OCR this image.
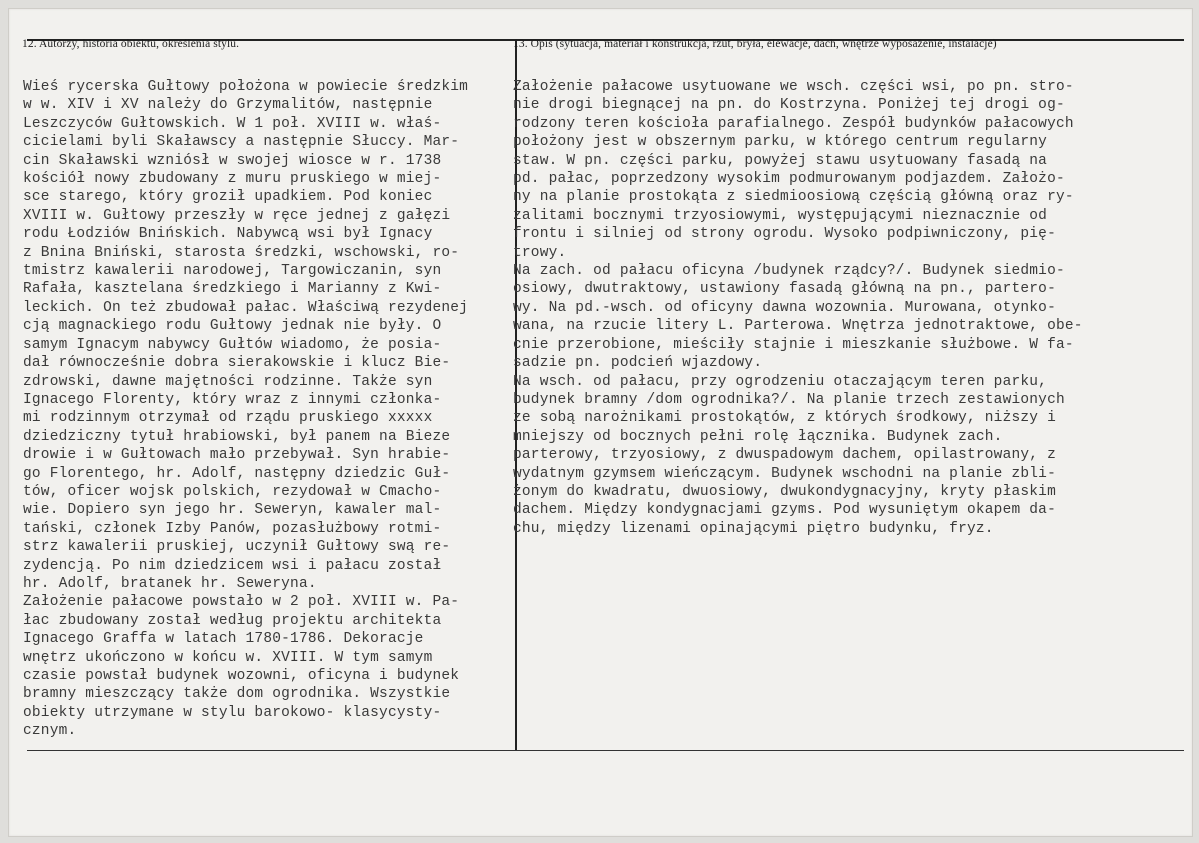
12. Autorzy, historia obiektu, określenia stylu.	13. Opis (sytuacja, materiał i konstrukcja, rzut, bryła, elewacje, dach, wnętrze wyposażenie, instalacje)
Wieś rycerska Gułtowy położona w powiecie średzkim
w w. XIV i XV należy do Grzymalitów, następnie
Leszczyców Gułtowskich. W 1 poł. XVIII w. właś-
cicielami byli Skaławscy a następnie Słuccy. Mar-
cin Skaławski wzniósł w swojej wiosce w r. 1738
kościół nowy zbudowany z muru pruskiego w miej-
sce starego, który groził upadkiem. Pod koniec
XVIII w. Gułtowy przeszły w ręce jednej z gałęzi
rodu Łodziów Bnińskich. Nabywcą wsi był Ignacy
z Bnina Bniński, starosta średzki, wschowski, ro-
tmistrz kawalerii narodowej, Targowiczanin, syn
Rafała, kasztelana średzkiego i Marianny z Kwi-
leckich. On też zbudował pałac. Właściwą rezydenej
cją magnackiego rodu Gułtowy jednak nie były. O
samym Ignacym nabywcy Gułtów wiadomo, że posia-
dał równocześnie dobra sierakowskie i klucz Bie-
zdrowski, dawne majętności rodzinne. Także syn
Ignacego Florenty, który wraz z innymi członka-
mi rodzinnym otrzymał od rządu pruskiego xxxxx
dziedziczny tytuł hrabiowski, był panem na Bieze
drowie i w Gułtowach mało przebywał. Syn hrabie-
go Florentego, hr. Adolf, następny dziedzic Guł-
tów, oficer wojsk polskich, rezydował w Cmacho-
wie. Dopiero syn jego hr. Seweryn, kawaler mal-
tański, członek Izby Panów, pozasłużbowy rotmi-
strz kawalerii pruskiej, uczynił Gułtowy swą re-
zydencją. Po nim dziedzicem wsi i pałacu został
hr. Adolf, bratanek hr. Seweryna.
Założenie pałacowe powstało w 2 poł. XVIII w. Pa-
łac zbudowany został według projektu architekta
Ignacego Graffa w latach 1780-1786. Dekoracje
wnętrz ukończono w końcu w. XVIII. W tym samym
czasie powstał budynek wozowni, oficyna i budynek
bramny mieszczący także dom ogrodnika. Wszystkie
obiekty utrzymane w stylu barokowo- klasycysty-
cznym.
Założenie pałacowe usytuowane we wsch. części wsi, po pn. stro-
nie drogi biegnącej na pn. do Kostrzyna. Poniżej tej drogi og-
rodzony teren kościoła parafialnego. Zespół budynków pałacowych
położony jest w obszernym parku, w którego centrum regularny
staw. W pn. części parku, powyżej stawu usytuowany fasadą na
pd. pałac, poprzedzony wysokim podmurowanym podjazdem. Założo-
ny na planie prostokąta z siedmioosiową częścią główną oraz ry-
zalitami bocznymi trzyosiowymi, występującymi nieznacznie od
frontu i silniej od strony ogrodu. Wysoko podpiwniczony, pię-
trowy.
Na zach. od pałacu oficyna /budynek rządcy?/. Budynek siedmio-
osiowy, dwutraktowy, ustawiony fasadą główną na pn., partero-
wy. Na pd.-wsch. od oficyny dawna wozownia. Murowana, otynko-
wana, na rzucie litery L. Parterowa. Wnętrza jednotraktowe, obe-
cnie przerobione, mieściły stajnie i mieszkanie służbowe. W fa-
sadzie pn. podcień wjazdowy.
Na wsch. od pałacu, przy ogrodzeniu otaczającym teren parku,
budynek bramny /dom ogrodnika?/. Na planie trzech zestawionych
ze sobą narożnikami prostokątów, z których środkowy, niższy i
mniejszy od bocznych pełni rolę łącznika. Budynek zach.
parterowy, trzyosiowy, z dwuspadowym dachem, opilastrowany, z
wydatnym gzymsem wieńczącym. Budynek wschodni na planie zbli-
żonym do kwadratu, dwuosiowy, dwukondygnacyjny, kryty płaskim
dachem. Między kondygnacjami gzyms. Pod wysuniętym okapem da-
chu, między lizenami opinającymi piętro budynku, fryz.
